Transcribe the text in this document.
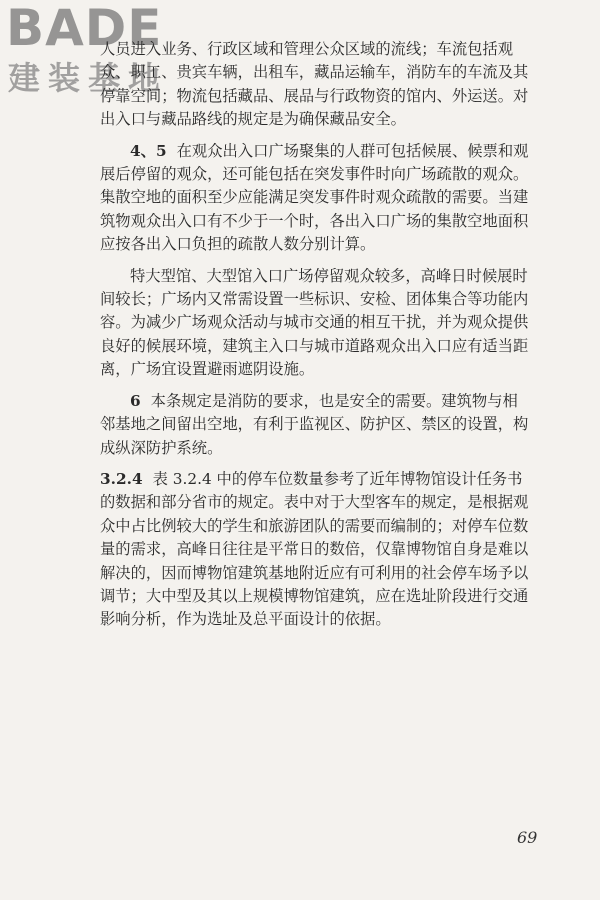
BADE
建装基地
人员进入业务、行政区域和管理公众区域的流线；车流包括观
众、职工、贵宾车辆，出租车，藏品运输车，消防车的车流及其
停靠空间；物流包括藏品、展品与行政物资的馆内、外运送。对
出入口与藏品路线的规定是为确保藏品安全。
4、5 在观众出入口广场聚集的人群可包括候展、候票和观
展后停留的观众，还可能包括在突发事件时向广场疏散的观众。
集散空地的面积至少应能满足突发事件时观众疏散的需要。当建
筑物观众出入口有不少于一个时，各出入口广场的集散空地面积
应按各出入口负担的疏散人数分别计算。
特大型馆、大型馆入口广场停留观众较多，高峰日时候展时
间较长；广场内又常需设置一些标识、安检、团体集合等功能内
容。为减少广场观众活动与城市交通的相互干扰，并为观众提供
良好的候展环境，建筑主入口与城市道路观众出入口应有适当距
离，广场宜设置避雨遮阴设施。
6 本条规定是消防的要求，也是安全的需要。建筑物与相
邻基地之间留出空地，有利于监视区、防护区、禁区的设置，构
成纵深防护系统。
3.2.4 表 3.2.4 中的停车位数量参考了近年博物馆设计任务书
的数据和部分省市的规定。表中对于大型客车的规定，是根据观
众中占比例较大的学生和旅游团队的需要而编制的；对停车位数
量的需求，高峰日往往是平常日的数倍，仅靠博物馆自身是难以
解决的，因而博物馆建筑基地附近应有可利用的社会停车场予以
调节；大中型及其以上规模博物馆建筑，应在选址阶段进行交通
影响分析，作为选址及总平面设计的依据。
69
